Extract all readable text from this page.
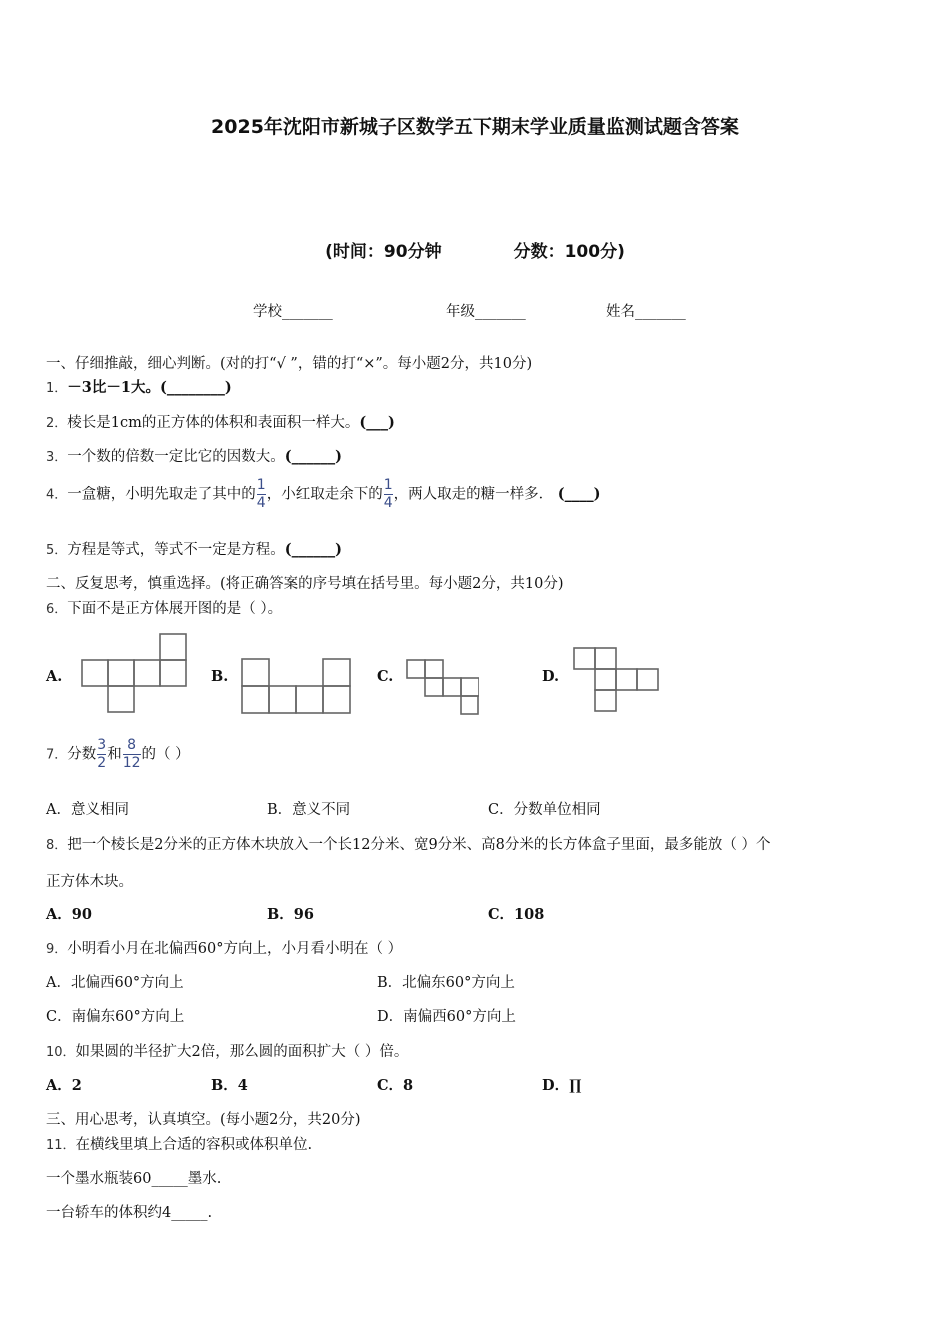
2025年沈阳市新城子区数学五下期末学业质量监测试题含答案
(时间：90分钟	分数：100分)
学校_______	年级_______	姓名_______
一、仔细推敲，细心判断。(对的打“√ ”，错的打“×”。每小题2分，共10分)
1．－3比－1大。(________)
2．棱长是1cm的正方体的体积和表面积一样大。(___)
3．一个数的倍数一定比它的因数大。(______)
4．一盒糖，小明先取走了其中的$\frac{1}{4}$，小红取走余下的$\frac{1}{4}$，两人取走的糖一样多． (____)
5．方程是等式，等式不一定是方程。(______)
二、反复思考，慎重选择。(将正确答案的序号填在括号里。每小题2分，共10分)
6．下面不是正方体展开图的是（ ）。
A.	B.	C.	D.
7．分数$\frac{3}{2}$和$\frac{8}{12}$的（ ）
A．意义相同	B．意义不同	C．分数单位相同
8．把一个棱长是2分米的正方体木块放入一个长12分米、宽9分米、高8分米的长方体盒子里面，最多能放（ ）个
正方体木块。
A．90	B．96	C．108
9．小明看小月在北偏西60°方向上，小月看小明在（ ）
A．北偏西60°方向上	B．北偏东60°方向上
C．南偏东60°方向上	D．南偏西60°方向上
10．如果圆的半径扩大2倍，那么圆的面积扩大（ ）倍。
A．2	B．4	C．8	D．∏
三、用心思考，认真填空。(每小题2分，共20分)
11．在横线里填上合适的容积或体积单位.
一个墨水瓶装60_____墨水.
一台轿车的体积约4_____.
